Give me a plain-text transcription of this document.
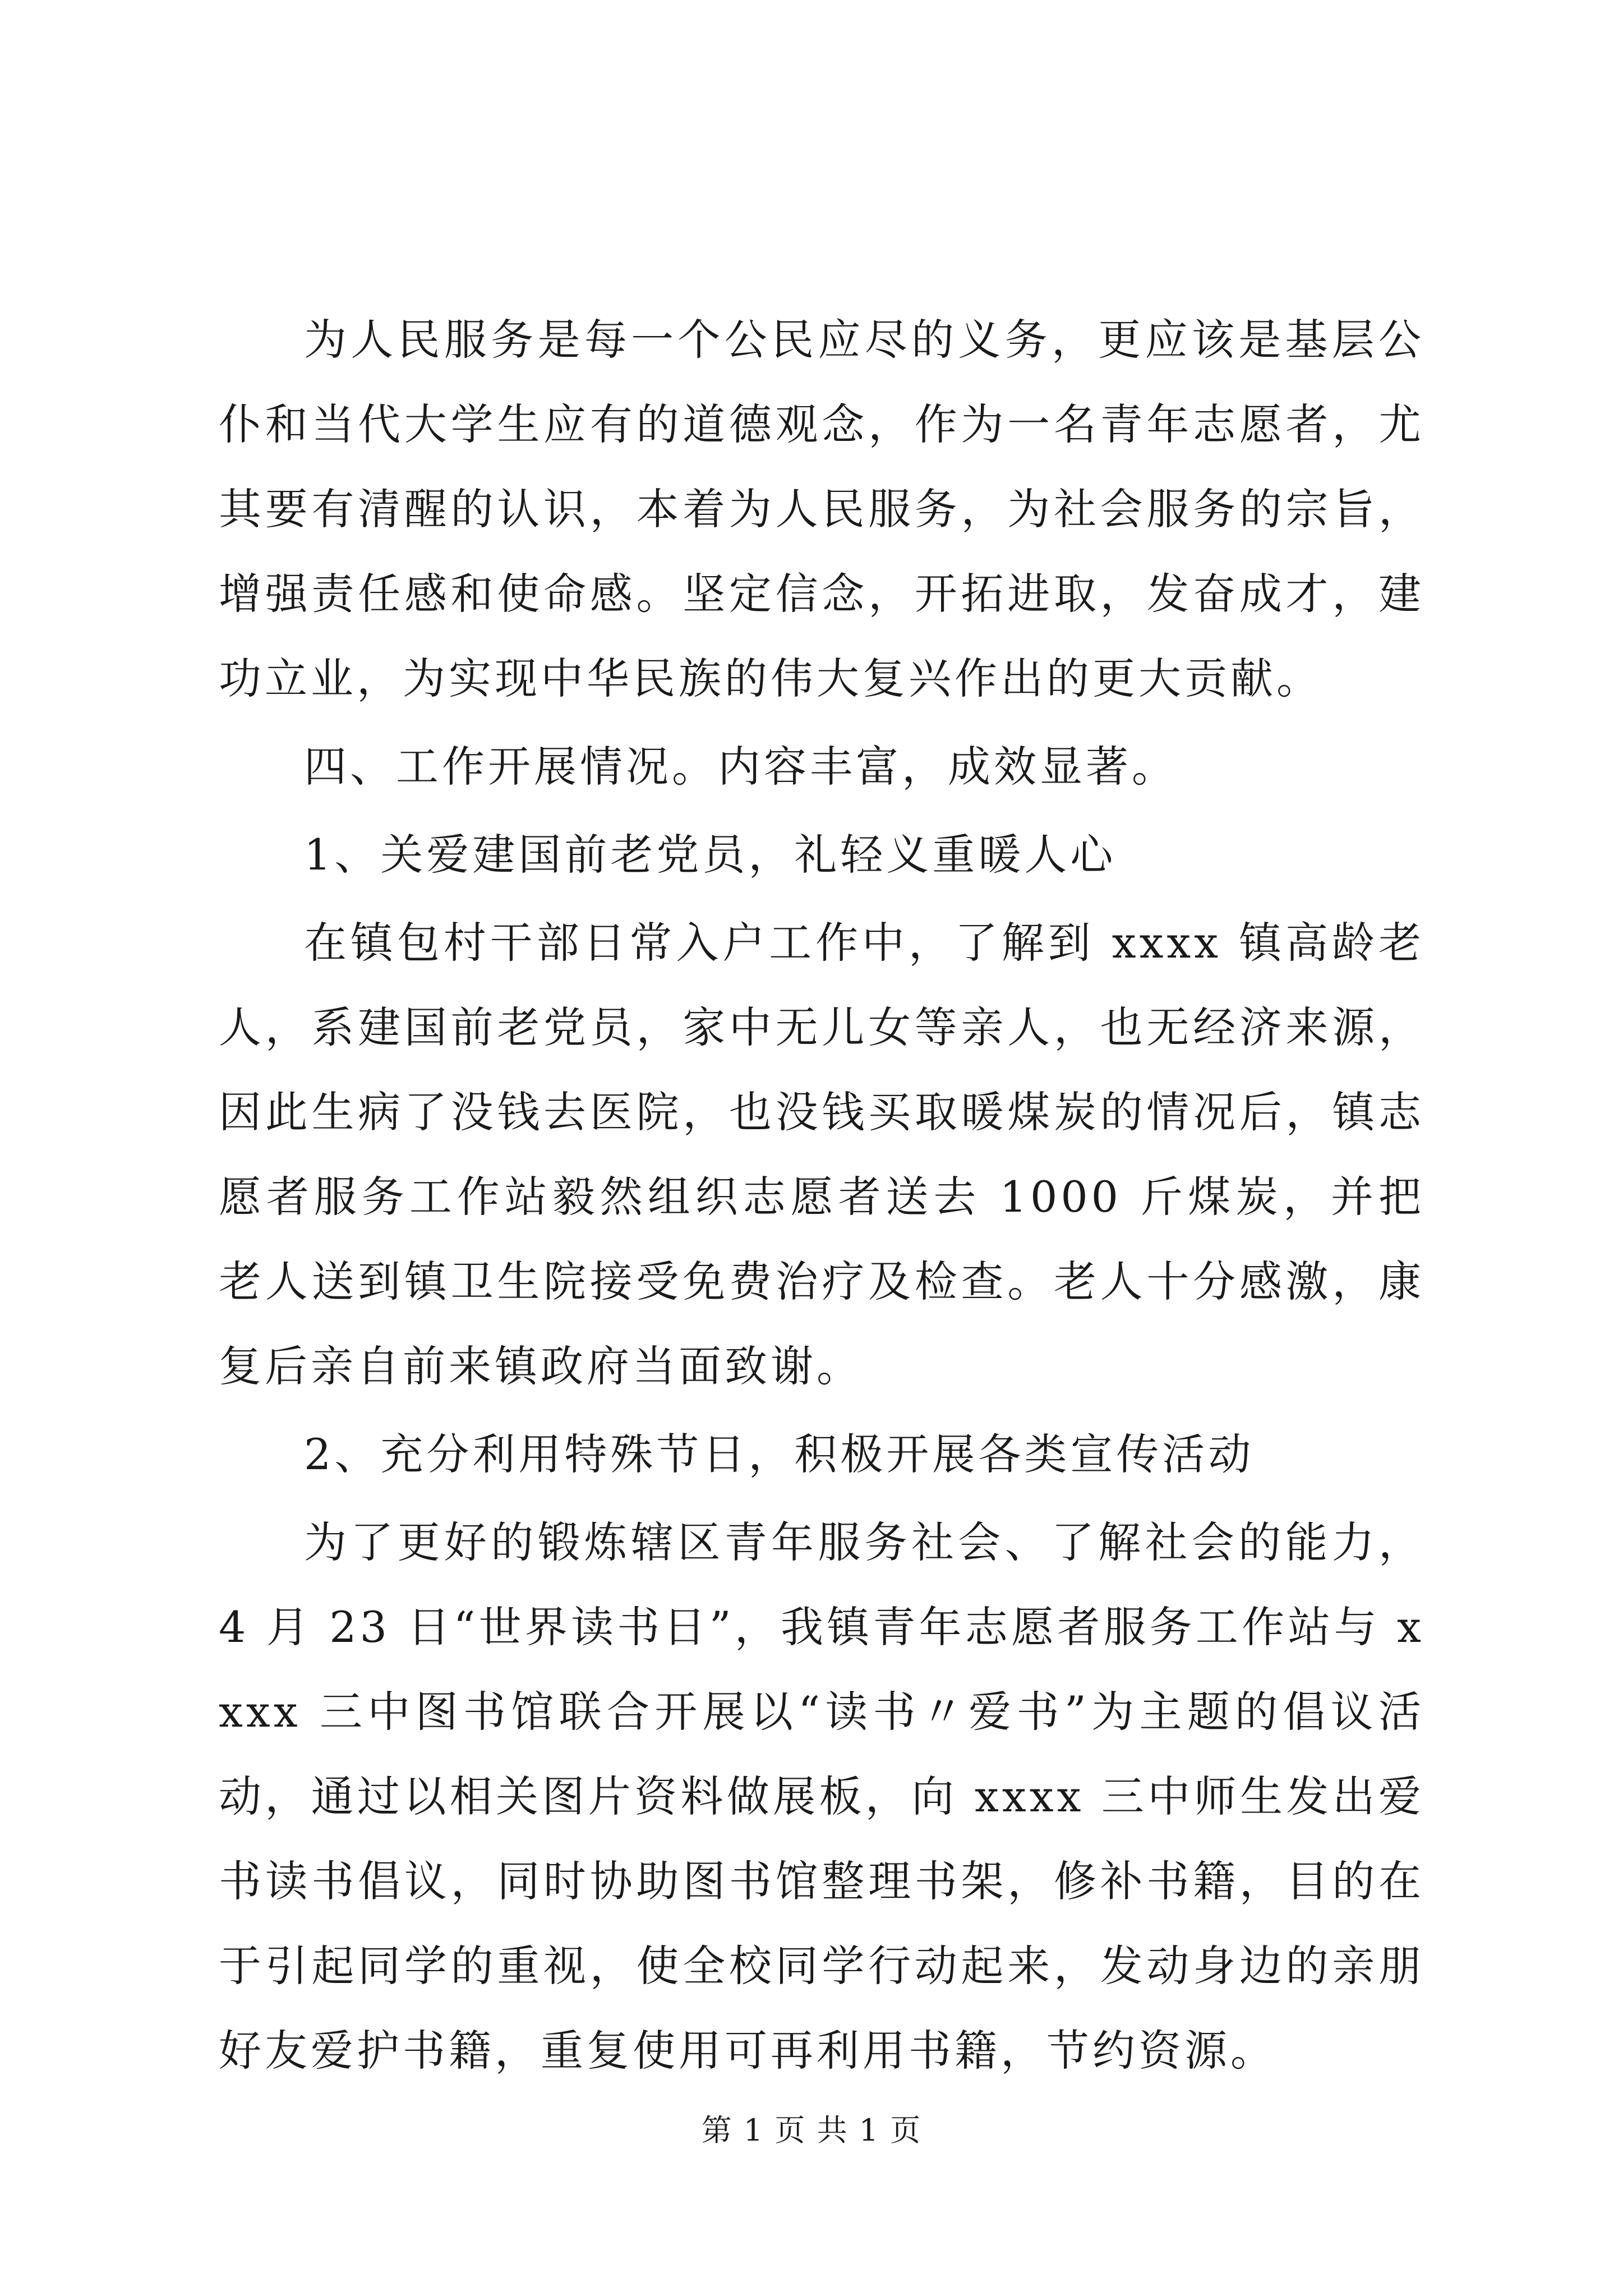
为人民服务是每一个公民应尽的义务，更应该是基层公仆和当代大学生应有的道德观念，作为一名青年志愿者，尤其要有清醒的认识，本着为人民服务，为社会服务的宗旨，增强责任感和使命感。坚定信念，开拓进取，发奋成才，建功立业，为实现中华民族的伟大复兴作出的更大贡献。

四、工作开展情况。内容丰富，成效显著。

1、关爱建国前老党员，礼轻义重暖人心

在镇包村干部日常入户工作中，了解到 xxxx 镇高龄老人，系建国前老党员，家中无儿女等亲人，也无经济来源，因此生病了没钱去医院，也没钱买取暖煤炭的情况后，镇志愿者服务工作站毅然组织志愿者送去 1000 斤煤炭，并把老人送到镇卫生院接受免费治疗及检查。老人十分感激，康复后亲自前来镇政府当面致谢。

2、充分利用特殊节日，积极开展各类宣传活动

为了更好的锻炼辖区青年服务社会、了解社会的能力，4 月 23 日“世界读书日”，我镇青年志愿者服务工作站与 xxxx 三中图书馆联合开展以“读书〃爱书”为主题的倡议活动，通过以相关图片资料做展板，向 xxxx 三中师生发出爱书读书倡议，同时协助图书馆整理书架，修补书籍，目的在于引起同学的重视，使全校同学行动起来，发动身边的亲朋好友爱护书籍，重复使用可再利用书籍，节约资源。

第 1 页 共 1 页
